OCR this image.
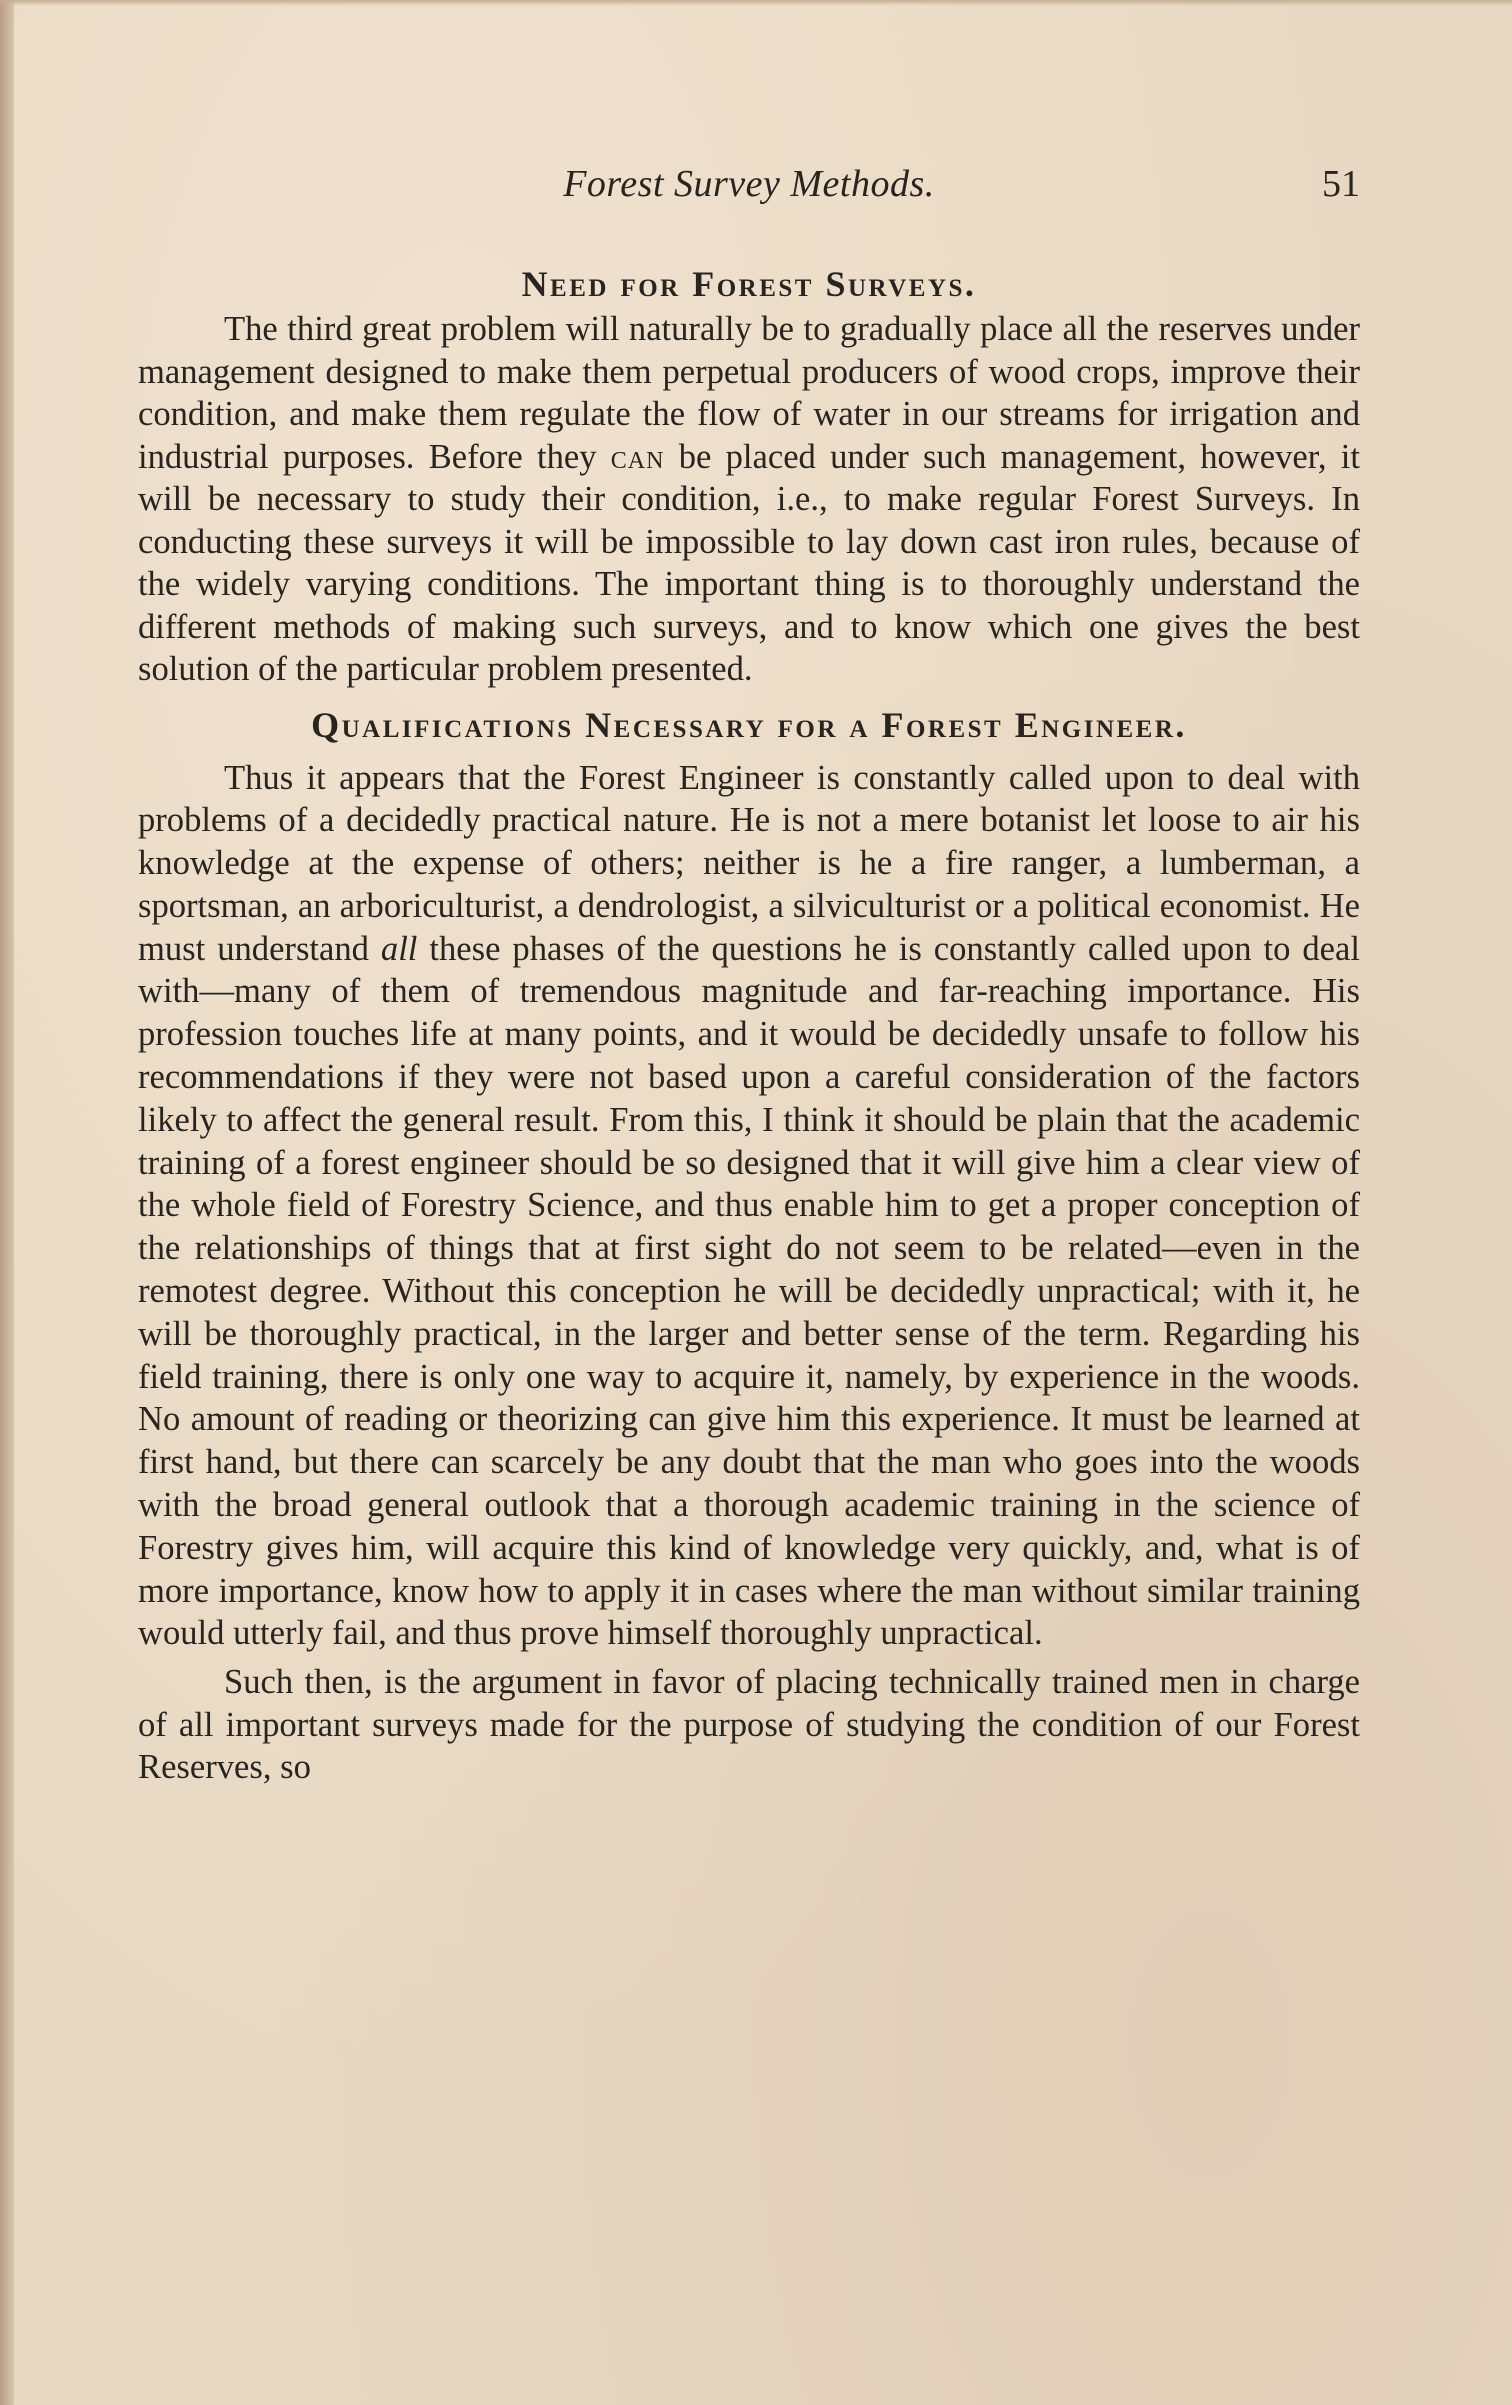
Forest Survey Methods.	51
Need for Forest Surveys.

The third great problem will naturally be to gradually place all the reserves under management designed to make them perpetual producers of wood crops, improve their condition, and make them regulate the flow of water in our streams for irrigation and industrial purposes. Before they can be placed under such management, however, it will be necessary to study their condition, i.e., to make regular Forest Surveys. In conducting these surveys it will be impossible to lay down cast iron rules, because of the widely varying conditions. The important thing is to thoroughly understand the different methods of making such surveys, and to know which one gives the best solution of the particular problem presented.

Qualifications Necessary for a Forest Engineer.

Thus it appears that the Forest Engineer is constantly called upon to deal with problems of a decidedly practical nature. He is not a mere botanist let loose to air his knowledge at the expense of others; neither is he a fire ranger, a lumberman, a sportsman, an arboriculturist, a dendrologist, a silviculturist or a political economist. He must understand all these phases of the questions he is constantly called upon to deal with—many of them of tremendous magnitude and far-reaching importance. His profession touches life at many points, and it would be decidedly unsafe to follow his recommendations if they were not based upon a careful consideration of the factors likely to affect the general result. From this, I think it should be plain that the academic training of a forest engineer should be so designed that it will give him a clear view of the whole field of Forestry Science, and thus enable him to get a proper conception of the relationships of things that at first sight do not seem to be related—even in the remotest degree. Without this conception he will be decidedly unpractical; with it, he will be thoroughly practical, in the larger and better sense of the term. Regarding his field training, there is only one way to acquire it, namely, by experience in the woods. No amount of reading or theorizing can give him this experience. It must be learned at first hand, but there can scarcely be any doubt that the man who goes into the woods with the broad general outlook that a thorough academic training in the science of Forestry gives him, will acquire this kind of knowledge very quickly, and, what is of more importance, know how to apply it in cases where the man without similar training would utterly fail, and thus prove himself thoroughly unpractical.

Such then, is the argument in favor of placing technically trained men in charge of all important surveys made for the purpose of studying the condition of our Forest Reserves, so
